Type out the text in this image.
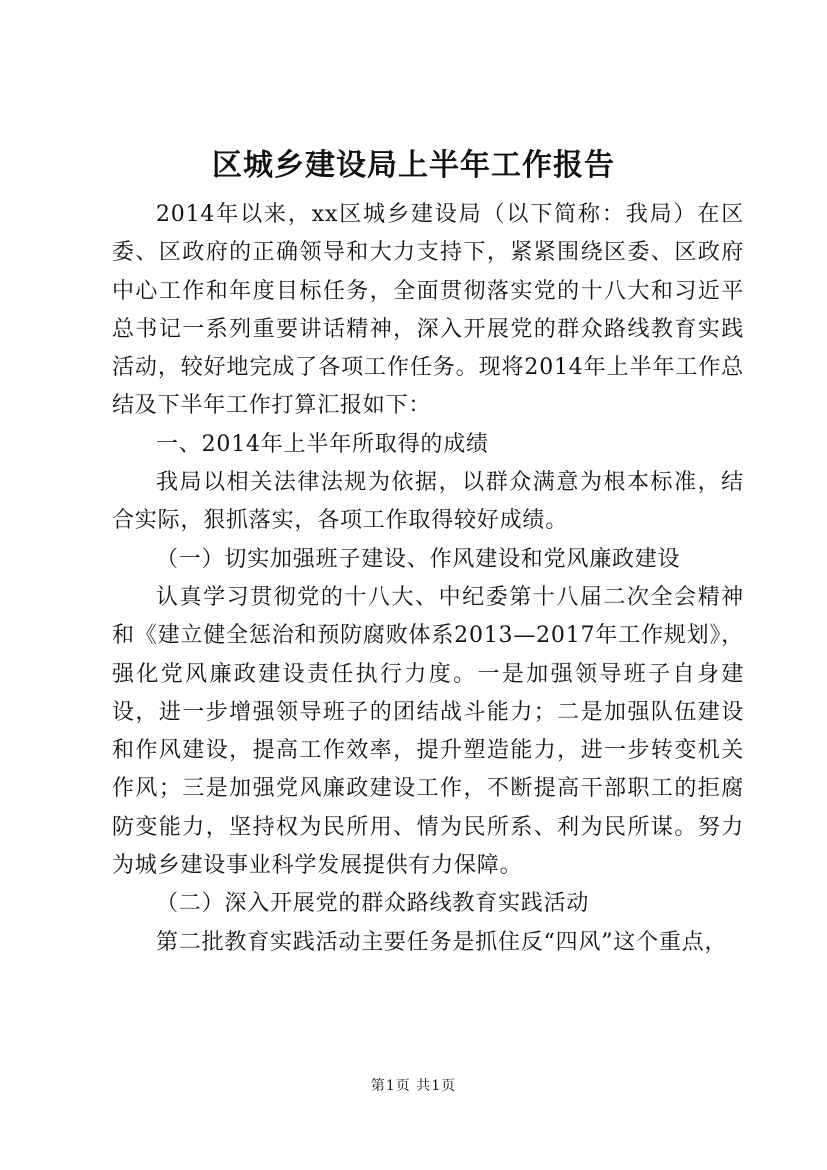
区城乡建设局上半年工作报告

2014年以来，xx区城乡建设局（以下简称：我局）在区委、区政府的正确领导和大力支持下，紧紧围绕区委、区政府中心工作和年度目标任务，全面贯彻落实党的十八大和习近平总书记一系列重要讲话精神，深入开展党的群众路线教育实践活动，较好地完成了各项工作任务。现将2014年上半年工作总结及下半年工作打算汇报如下：

一、2014年上半年所取得的成绩

我局以相关法律法规为依据，以群众满意为根本标准，结合实际，狠抓落实，各项工作取得较好成绩。

（一）切实加强班子建设、作风建设和党风廉政建设

认真学习贯彻党的十八大、中纪委第十八届二次全会精神和《建立健全惩治和预防腐败体系2013—2017年工作规划》，强化党风廉政建设责任执行力度。一是加强领导班子自身建设，进一步增强领导班子的团结战斗能力；二是加强队伍建设和作风建设，提高工作效率，提升塑造能力，进一步转变机关作风；三是加强党风廉政建设工作，不断提高干部职工的拒腐防变能力，坚持权为民所用、情为民所系、利为民所谋。努力为城乡建设事业科学发展提供有力保障。

（二）深入开展党的群众路线教育实践活动

第二批教育实践活动主要任务是抓住反“四风”这个重点，

第1页 共1页
